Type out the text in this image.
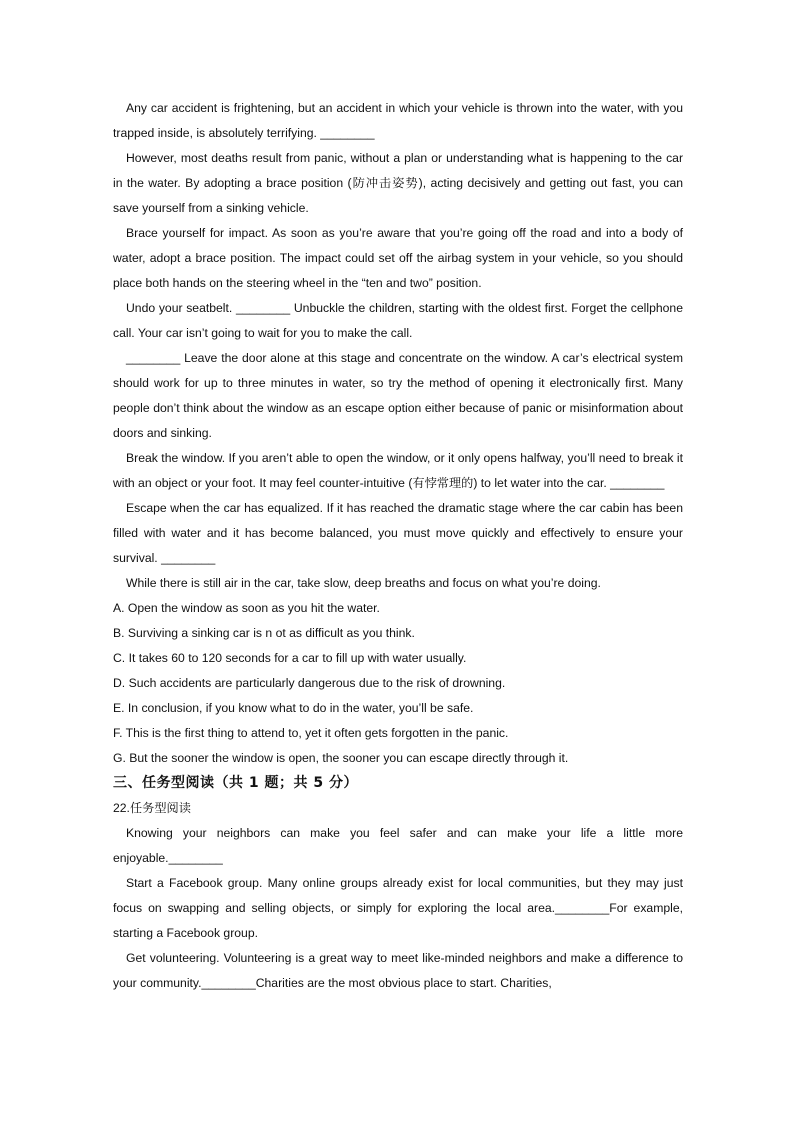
Any car accident is frightening, but an accident in which your vehicle is thrown into the water, with you trapped inside, is absolutely terrifying. ________

However, most deaths result from panic, without a plan or understanding what is happening to the car in the water. By adopting a brace position (防冲击姿势), acting decisively and getting out fast, you can save yourself from a sinking vehicle.

Brace yourself for impact. As soon as you’re aware that you’re going off the road and into a body of water, adopt a brace position. The impact could set off the airbag system in your vehicle, so you should place both hands on the steering wheel in the “ten and two” position.

Undo your seatbelt. ________ Unbuckle the children, starting with the oldest first. Forget the cellphone call. Your car isn’t going to wait for you to make the call.

________ Leave the door alone at this stage and concentrate on the window. A car’s electrical system should work for up to three minutes in water, so try the method of opening it electronically first. Many people don’t think about the window as an escape option either because of panic or misinformation about doors and sinking.

Break the window. If you aren’t able to open the window, or it only opens halfway, you’ll need to break it with an object or your foot. It may feel counter-intuitive (有悖常理的) to let water into the car. ________

Escape when the car has equalized. If it has reached the dramatic stage where the car cabin has been filled with water and it has become balanced, you must move quickly and effectively to ensure your survival. ________

While there is still air in the car, take slow, deep breaths and focus on what you’re doing.

A. Open the window as soon as you hit the water.

B. Surviving a sinking car is n ot as difficult as you think.

C. It takes 60 to 120 seconds for a car to fill up with water usually.

D. Such accidents are particularly dangerous due to the risk of drowning.

E. In conclusion, if you know what to do in the water, you’ll be safe.

F. This is the first thing to attend to, yet it often gets forgotten in the panic.

G. But the sooner the window is open, the sooner you can escape directly through it.

三、任务型阅读（共 1 题；共 5 分）

22.任务型阅读

Knowing your neighbors can make you feel safer and can make your life a little more enjoyable.________

Start a Facebook group. Many online groups already exist for local communities, but they may just focus on swapping and selling objects, or simply for exploring the local area.________For example, starting a Facebook group.

Get volunteering. Volunteering is a great way to meet like-minded neighbors and make a difference to your community.________Charities are the most obvious place to start. Charities,
